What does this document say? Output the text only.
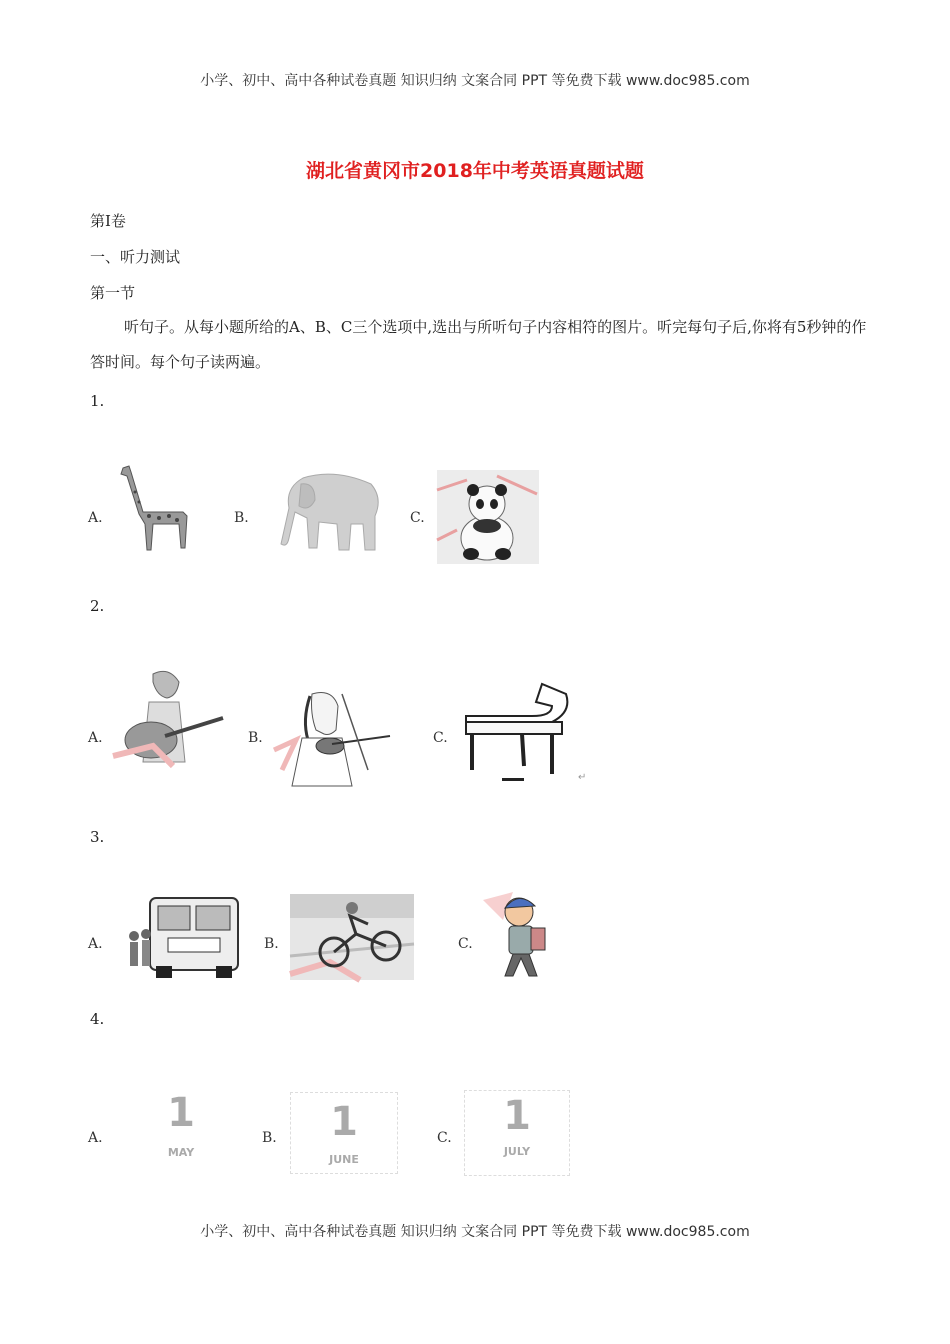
小学、初中、高中各种试卷真题 知识归纳 文案合同 PPT 等免费下载 www.doc985.com
小学、初中、高中各种试卷真题 知识归纳 文案合同 PPT 等免费下载 www.doc985.com
湖北省黄冈市2018年中考英语真题试题
第Ⅰ卷
一、听力测试
第一节
听句子。从每小题所给的A、B、C三个选项中,选出与所听句子内容相符的图片。听完每句子后,你将有5秒钟的作答时间。每个句子读两遍。
1.
A.	B.	C.
2.
A.	B.	C.
↵
3.
A.	B.	C.
4.
A.
1
MAY
B.	1
JUNE
C.	1
JULY
